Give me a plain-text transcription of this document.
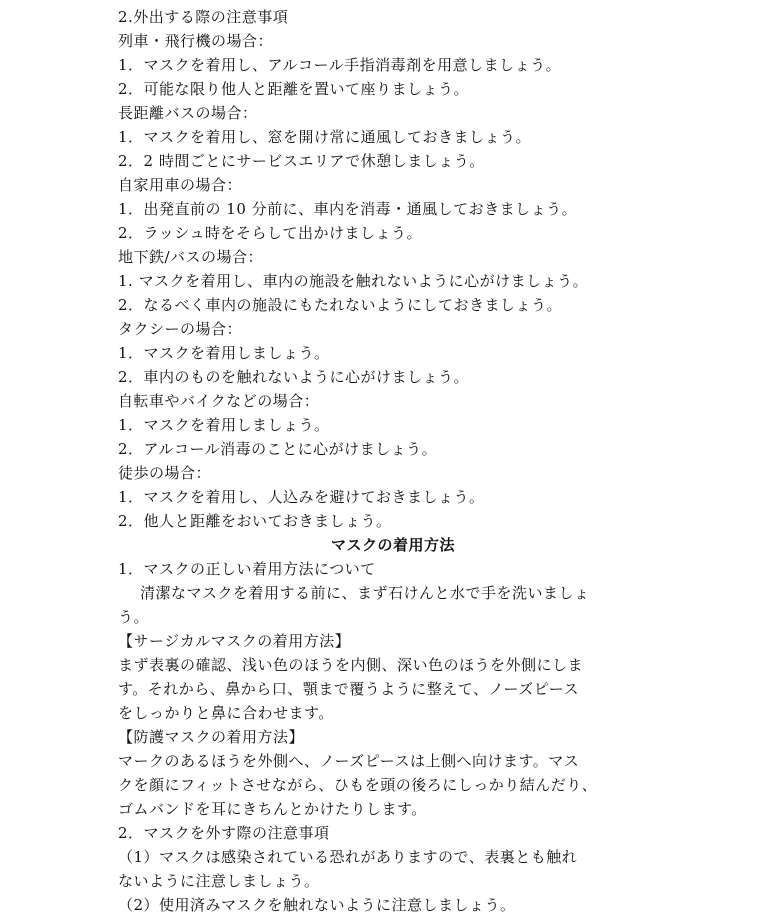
2.外出する際の注意事項
列車・飛行機の場合：
1．マスクを着用し、アルコール手指消毒剤を用意しましょう。
2．可能な限り他人と距離を置いて座りましょう。
長距離バスの場合：
1．マスクを着用し、窓を開け常に通風しておきましょう。
2．2 時間ごとにサービスエリアで休憩しましょう。
自家用車の場合：
1．出発直前の 10 分前に、車内を消毒・通風しておきましょう。
2．ラッシュ時をそらして出かけましょう。
地下鉄/バスの場合：
1. マスクを着用し、車内の施設を触れないように心がけましょう。
2．なるべく車内の施設にもたれないようにしておきましょう。
タクシーの場合：
1．マスクを着用しましょう。
2．車内のものを触れないように心がけましょう。
自転車やバイクなどの場合：
1．マスクを着用しましょう。
2．アルコール消毒のことに心がけましょう。
徒歩の場合：
1．マスクを着用し、人込みを避けておきましょう。
2．他人と距離をおいておきましょう。
マスクの着用方法
1．マスクの正しい着用方法について
清潔なマスクを着用する前に、まず石けんと水で手を洗いましょ
う。
【サージカルマスクの着用方法】
まず表裏の確認、浅い色のほうを内側、深い色のほうを外側にしま
す。それから、鼻から口、顎まで覆うように整えて、ノーズピース
をしっかりと鼻に合わせます。
【防護マスクの着用方法】
マークのあるほうを外側へ、ノーズピースは上側へ向けます。マス
クを顔にフィットさせながら、ひもを頭の後ろにしっかり結んだり、
ゴムバンドを耳にきちんとかけたりします。
2．マスクを外す際の注意事項
（1）マスクは感染されている恐れがありますので、表裏とも触れ
ないように注意しましょう。
（2）使用済みマスクを触れないように注意しましょう。
